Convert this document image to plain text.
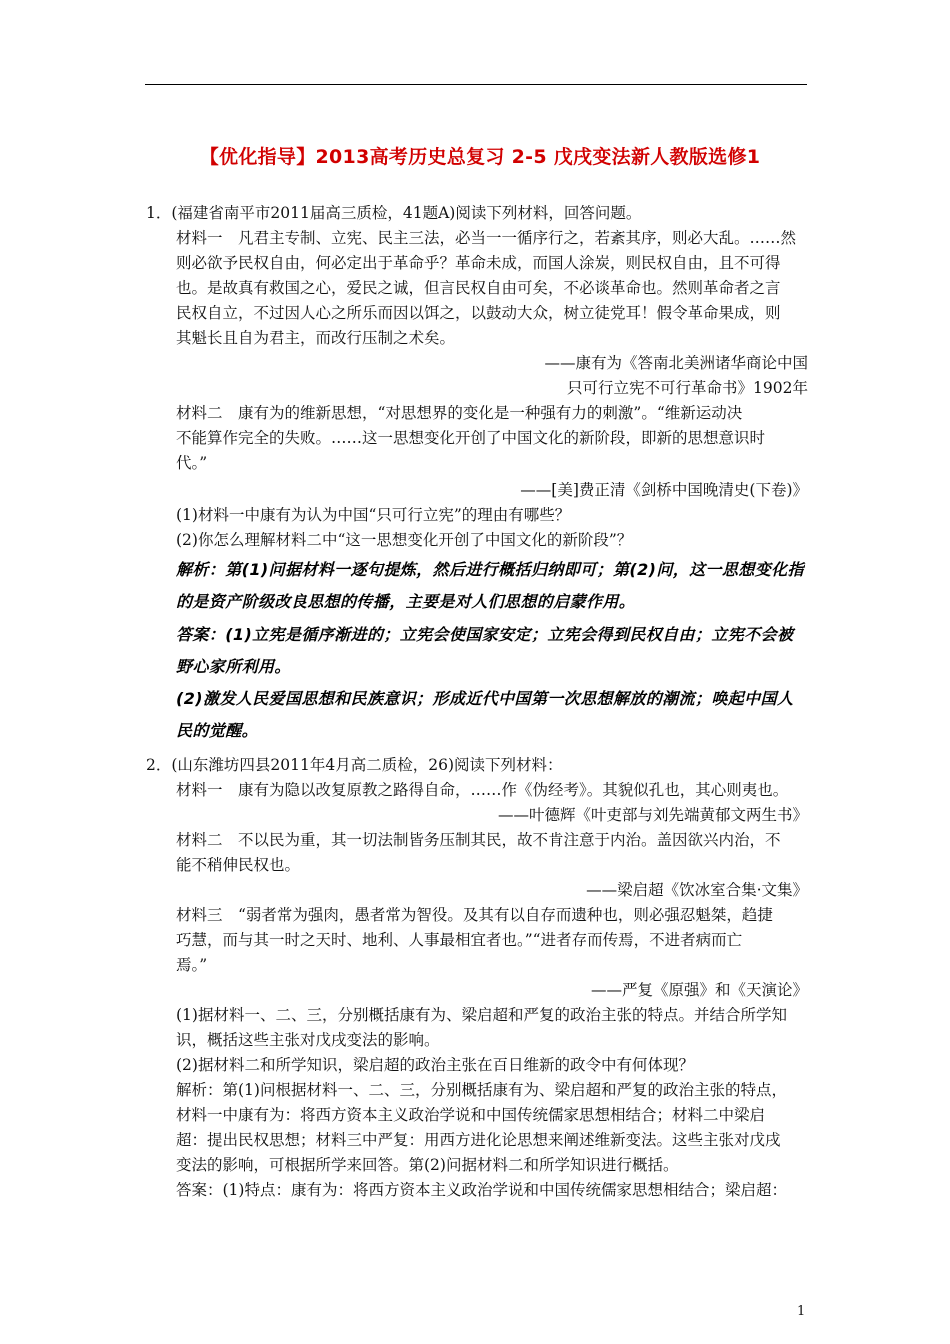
【优化指导】2013高考历史总复习 2-5 戊戌变法新人教版选修1
1．(福建省南平市2011届高三质检，41题A)阅读下列材料，回答问题。
材料一　凡君主专制、立宪、民主三法，必当一一循序行之，若紊其序，则必大乱。……然
则必欲予民权自由，何必定出于革命乎？革命未成，而国人涂炭，则民权自由，且不可得
也。是故真有救国之心，爱民之诚，但言民权自由可矣，不必谈革命也。然则革命者之言
民权自立，不过因人心之所乐而因以饵之，以鼓动大众，树立徒党耳！假令革命果成，则
其魁长且自为君主，而改行压制之术矣。
——康有为《答南北美洲诸华商论中国
只可行立宪不可行革命书》1902年
材料二　康有为的维新思想，“对思想界的变化是一种强有力的刺激”。“维新运动决
不能算作完全的失败。……这一思想变化开创了中国文化的新阶段，即新的思想意识时
代。”
——[美]费正清《剑桥中国晚清史(下卷)》
(1)材料一中康有为认为中国“只可行立宪”的理由有哪些？
(2)你怎么理解材料二中“这一思想变化开创了中国文化的新阶段”？
解析：第(1)问据材料一逐句提炼，然后进行概括归纳即可；第(2)问，这一思想变化指
的是资产阶级改良思想的传播，主要是对人们思想的启蒙作用。
答案：(1)立宪是循序渐进的；立宪会使国家安定；立宪会得到民权自由；立宪不会被
野心家所利用。
(2)激发人民爱国思想和民族意识；形成近代中国第一次思想解放的潮流；唤起中国人
民的觉醒。
2．(山东潍坊四县2011年4月高二质检，26)阅读下列材料：
材料一　康有为隐以改复原教之路得自命，……作《伪经考》。其貌似孔也，其心则夷也。
——叶德辉《叶吏部与刘先端黄郁文两生书》
材料二　不以民为重，其一切法制皆务压制其民，故不肯注意于内治。盖因欲兴内治，不
能不稍伸民权也。
——梁启超《饮冰室合集·文集》
材料三　“弱者常为强肉，愚者常为智役。及其有以自存而遗种也，则必强忍魁桀，趋捷
巧慧，而与其一时之天时、地利、人事最相宜者也。”“进者存而传焉，不进者病而亡
焉。”
——严复《原强》和《天演论》
(1)据材料一、二、三，分别概括康有为、梁启超和严复的政治主张的特点。并结合所学知
识，概括这些主张对戊戌变法的影响。
(2)据材料二和所学知识，梁启超的政治主张在百日维新的政令中有何体现？
解析：第(1)问根据材料一、二、三，分别概括康有为、梁启超和严复的政治主张的特点，
材料一中康有为：将西方资本主义政治学说和中国传统儒家思想相结合；材料二中梁启
超：提出民权思想；材料三中严复：用西方进化论思想来阐述维新变法。这些主张对戊戌
变法的影响，可根据所学来回答。第(2)问据材料二和所学知识进行概括。
答案：(1)特点：康有为：将西方资本主义政治学说和中国传统儒家思想相结合；梁启超：
1
